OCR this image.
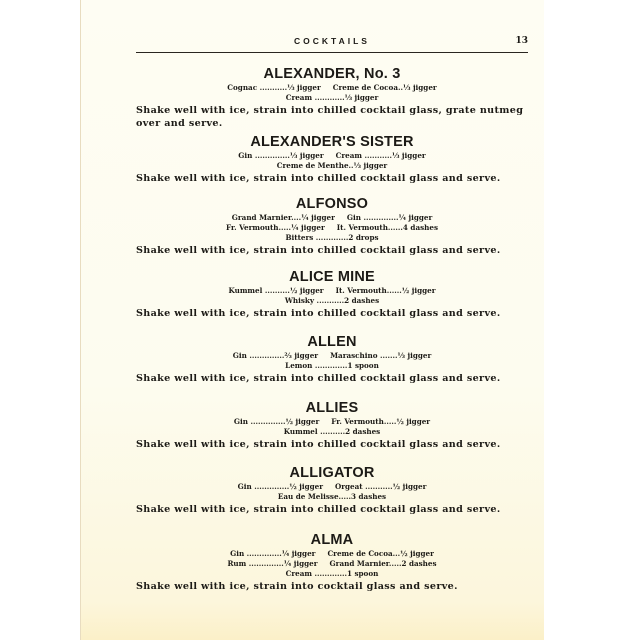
COCKTAILS	13
ALEXANDER, No. 3
Cognac ...........⅓ jigger Creme de Cocoa..⅓ jigger
Cream ............⅓ jigger
Shake well with ice, strain into chilled cocktail glass, grate nutmeg over and serve.
ALEXANDER'S SISTER
Gin ..............⅓ jigger Cream ...........⅓ jigger
Creme de Menthe..⅓ jigger
Shake well with ice, strain into chilled cocktail glass and serve.
ALFONSO
Grand Marnier....¼ jigger Gin ..............¼ jigger
Fr. Vermouth.....¼ jigger It. Vermouth......4 dashes
Bitters .............2 drops
Shake well with ice, strain into chilled cocktail glass and serve.
ALICE MINE
Kummel ..........½ jigger It. Vermouth......½ jigger
Whisky ...........2 dashes
Shake well with ice, strain into chilled cocktail glass and serve.
ALLEN
Gin ..............⅔ jigger Maraschino .......⅓ jigger
Lemon .............1 spoon
Shake well with ice, strain into chilled cocktail glass and serve.
ALLIES
Gin ..............½ jigger Fr. Vermouth.....½ jigger
Kummel ..........2 dashes
Shake well with ice, strain into chilled cocktail glass and serve.
ALLIGATOR
Gin ..............½ jigger Orgeat ...........½ jigger
Eau de Melisse.....3 dashes
Shake well with ice, strain into chilled cocktail glass and serve.
ALMA
Gin ..............¼ jigger Creme de Cocoa...½ jigger
Rum ..............¼ jigger Grand Marnier.....2 dashes
Cream .............1 spoon
Shake well with ice, strain into cocktail glass and serve.
